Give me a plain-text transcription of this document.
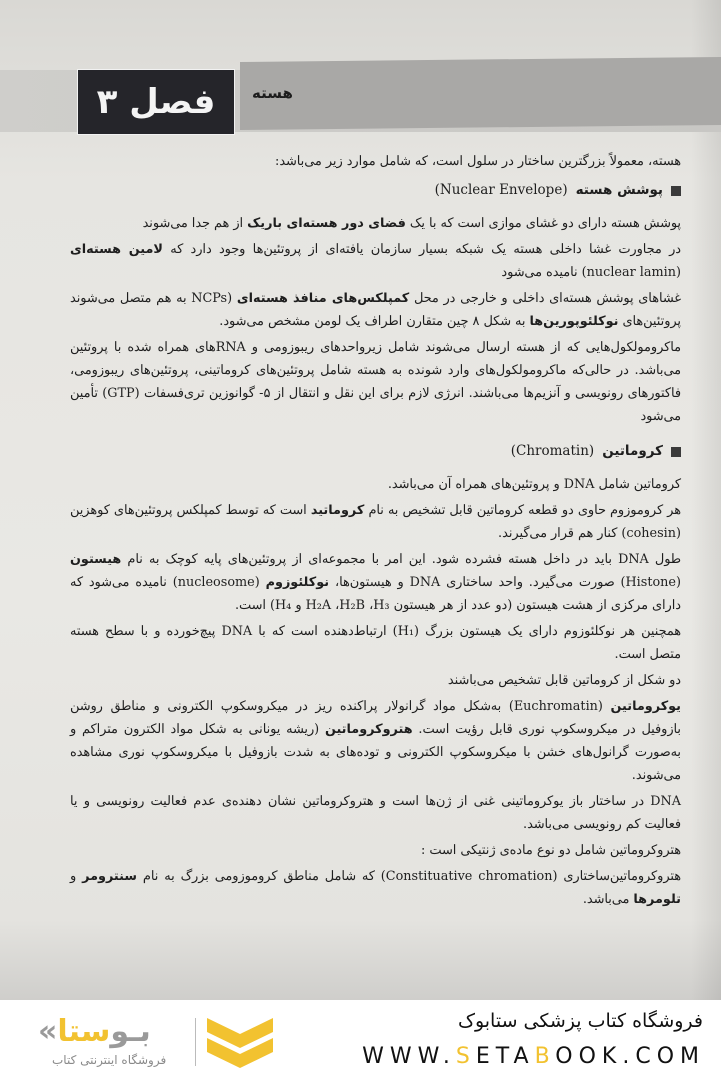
فصل ۳ هسته

هسته، معمولاً بزرگترین ساختار در سلول است، که شامل موارد زیر می‌باشد:

پوشش هسته
(Nuclear Envelope)

پوشش هسته دارای دو غشای موازی است که با یک فضای دور هسته‌ای باریک از هم جدا می‌شوند

در مجاورت غشا داخلی هسته یک شبکه بسیار سازمان یافته‌ای از پروتئین‌ها وجود دارد که لامین هسته‌ای (nuclear lamin) نامیده می‌شود

غشاهای پوشش هسته‌ای داخلی و خارجی در محل کمپلکس‌های منافذ هسته‌ای (NCPs به هم متصل می‌شوند پروتئین‌های نوکلئوپورین‌ها به شکل ۸ چین متقارن اطراف یک لومن مشخص می‌شود.

ماکرومولکول‌هایی که از هسته ارسال می‌شوند شامل زیرواحدهای ریبوزومی و RNAهای همراه شده با پروتئین می‌باشد. در حالی‌که ماکرومولکول‌های وارد شونده به هسته شامل پروتئین‌های کروماتینی، پروتئین‌های ریبوزومی، فاکتورهای رونویسی و آنزیم‌ها می‌باشند. انرژی لازم برای این نقل و انتقال از ۵- گوانوزین تری‌فسفات (GTP) تأمین می‌شود

کروماتین
(Chromatin)

کروماتین شامل DNA و پروتئین‌های همراه آن می‌باشد.

هر کروموزوم حاوی دو قطعه کروماتین قابل تشخیص به نام کروماتید است که توسط کمپلکس پروتئین‌های کوهزین (cohesin) کنار هم قرار می‌گیرند.

طول DNA باید در داخل هسته فشرده شود. این امر با مجموعه‌ای از پروتئین‌های پایه کوچک به نام هیستون (Histone) صورت می‌گیرد. واحد ساختاری DNA و هیستون‌ها، نوکلئوزوم (nucleosome) نامیده می‌شود که دارای مرکزی از هشت هیستون (دو عدد از هر هیستون H₂A ،H₂B ،H₃ و H₄) است.

همچنین هر نوکلئوزوم دارای یک هیستون بزرگ (H₁) ارتباط‌دهنده است که با DNA پیچ‌خورده و با سطح هسته متصل است.

دو شکل از کروماتین قابل تشخیص می‌باشند

یوکروماتین (Euchromatin) به‌شکل مواد گرانولار پراکنده ریز در میکروسکوپ الکترونی و مناطق روشن بازوفیل در میکروسکوپ نوری قابل رؤیت است. هتروکروماتین (ریشه یونانی به شکل مواد الکترون متراکم و به‌صورت گرانول‌های خشن با میکروسکوپ الکترونی و توده‌های به شدت بازوفیل با میکروسکوپ نوری مشاهده می‌شوند.

DNA در ساختار باز یوکروماتینی غنی از ژن‌ها است و هتروکروماتین نشان دهنده‌ی عدم فعالیت رونویسی و یا فعالیت کم رونویسی می‌باشد.

هتروکروماتین شامل دو نوع ماده‌ی ژنتیکی است :

هتروکروماتین‌ساختاری (Constituative chromation) که شامل مناطق کروموزومی بزرگ به نام سنترومر و تلومرها می‌باشد.

فروشگاه کتاب پزشکی ستابوک
WWW.SETABOOK.COM
«بـوستا
فروشگاه اینترنتی کتاب
